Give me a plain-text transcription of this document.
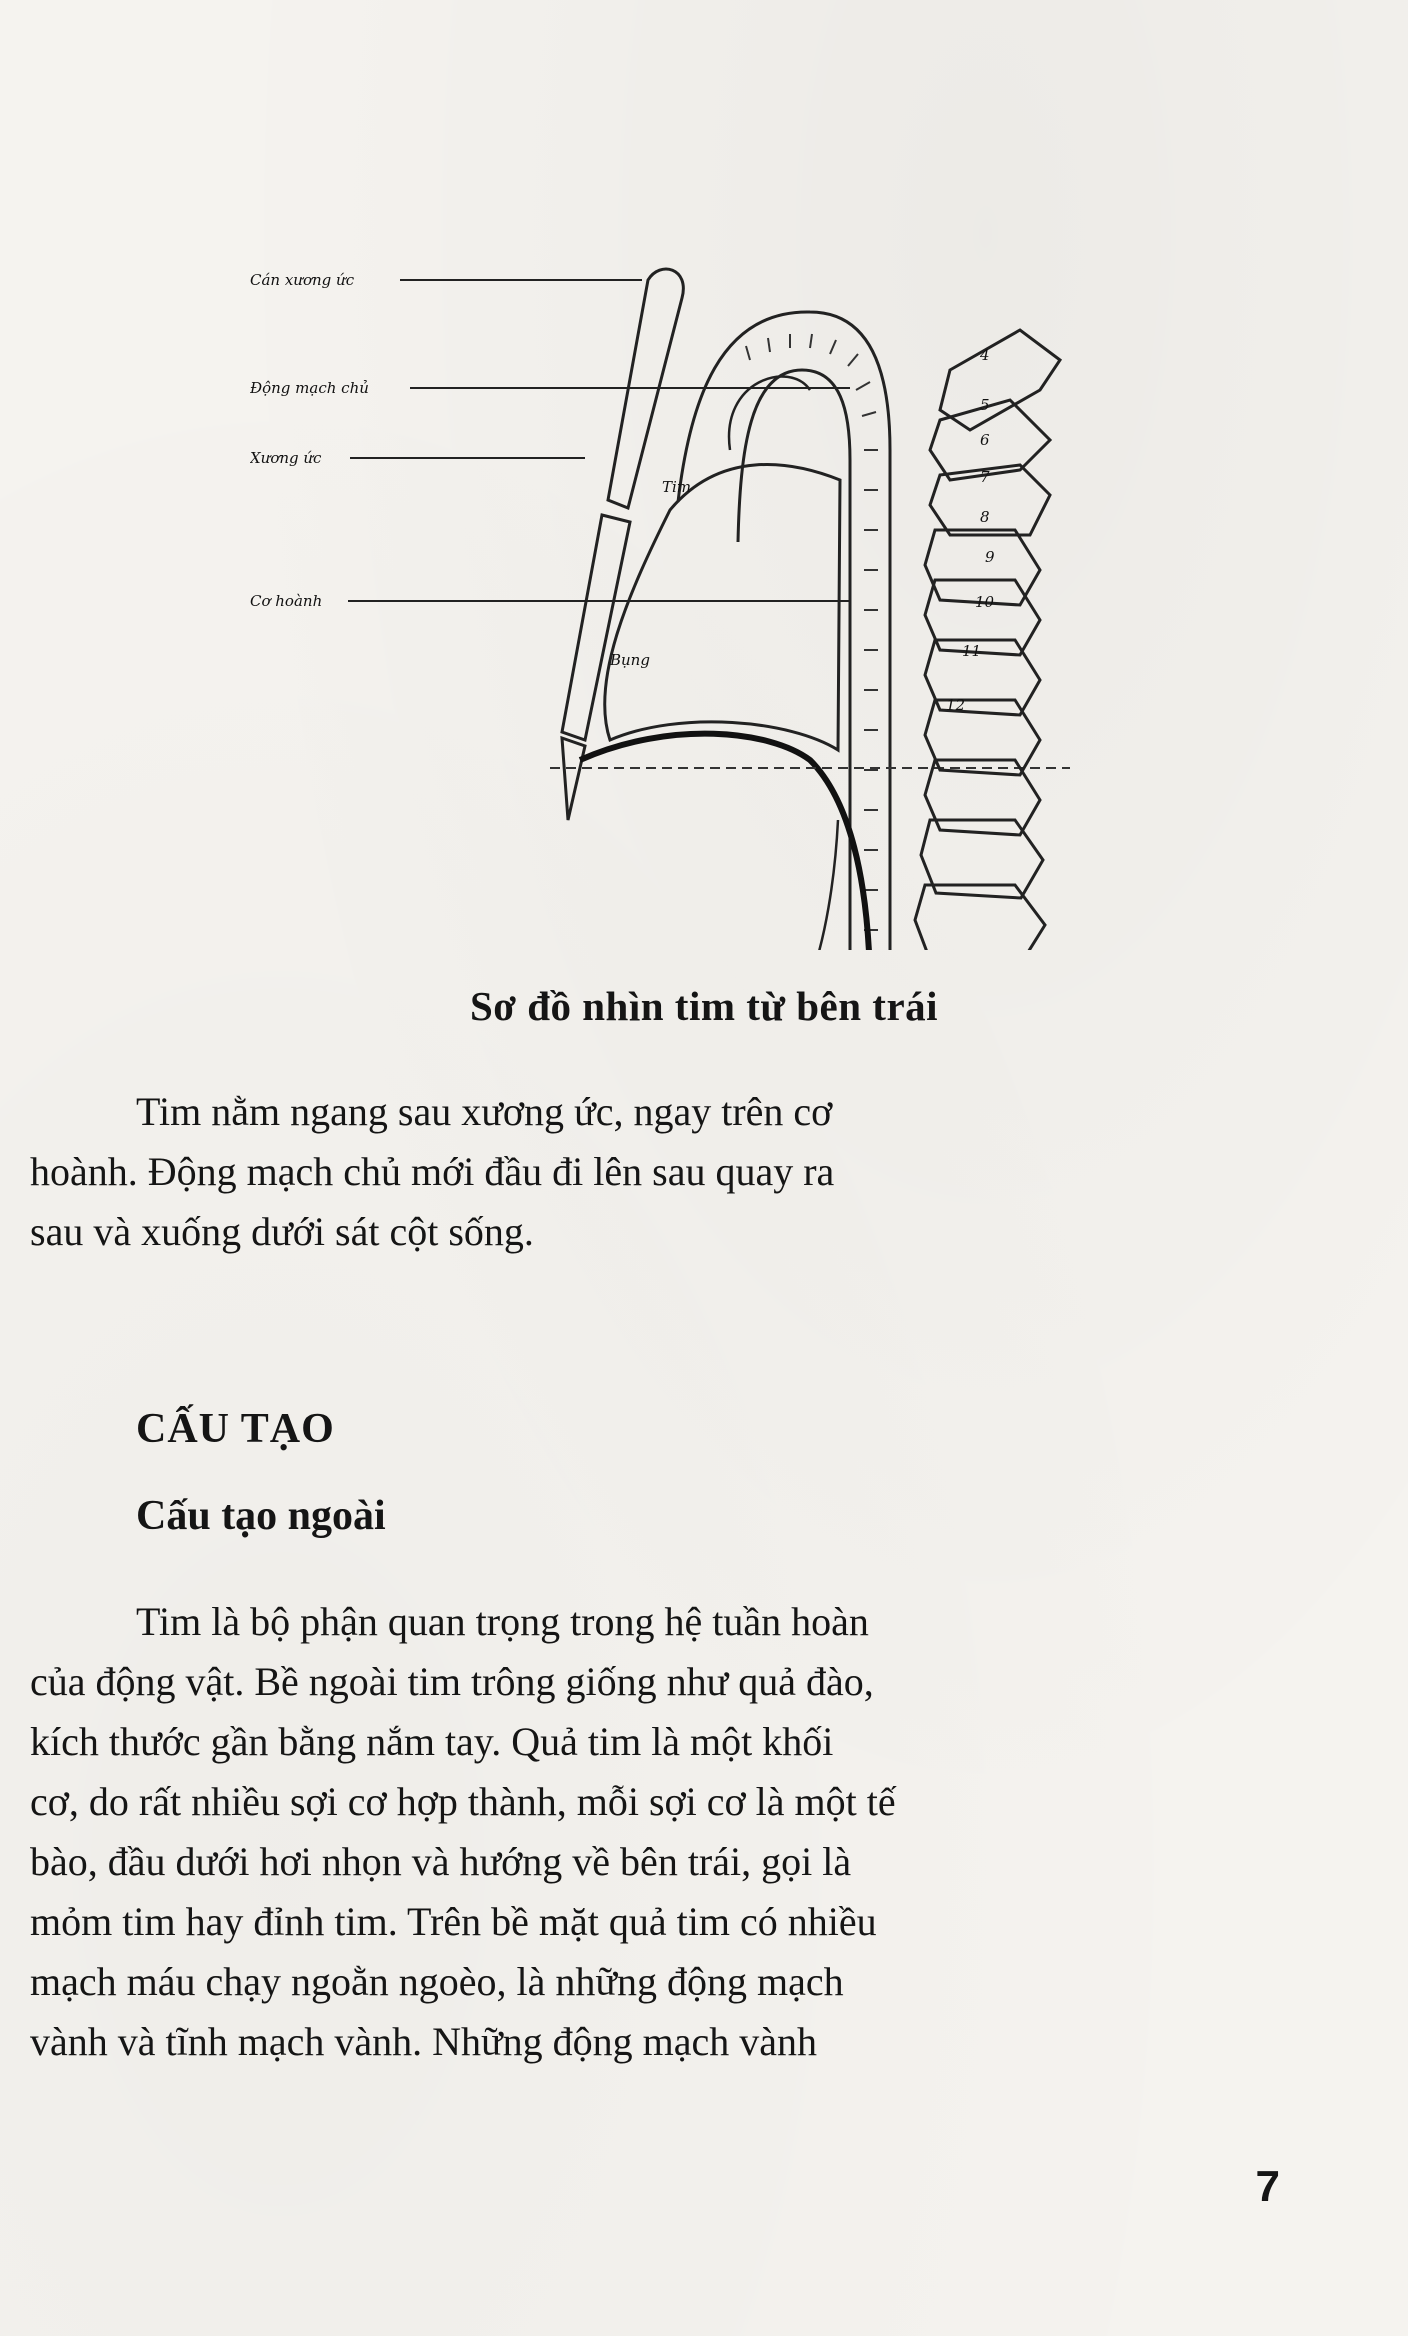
Cán xương ức
Động mạch chủ
Xương ức
Tim
Cơ hoành
Bụng
4
5
6
7
8
9
10
11
12
Sơ đồ nhìn tim từ bên trái
Tim nằm ngang sau xương ức, ngay trên cơ
hoành. Động mạch chủ mới đầu đi lên sau quay ra
sau và xuống dưới sát cột sống.
CẤU TẠO
Cấu tạo ngoài
Tim là bộ phận quan trọng trong hệ tuần hoàn
của động vật. Bề ngoài tim trông giống như quả đào,
kích thước gần bằng nắm tay. Quả tim là một khối
cơ, do rất nhiều sợi cơ hợp thành, mỗi sợi cơ là một tế
bào, đầu dưới hơi nhọn và hướng về bên trái, gọi là
mỏm tim hay đỉnh tim. Trên bề mặt quả tim có nhiều
mạch máu chạy ngoằn ngoèo, là những động mạch
vành và tĩnh mạch vành. Những động mạch vành
7
